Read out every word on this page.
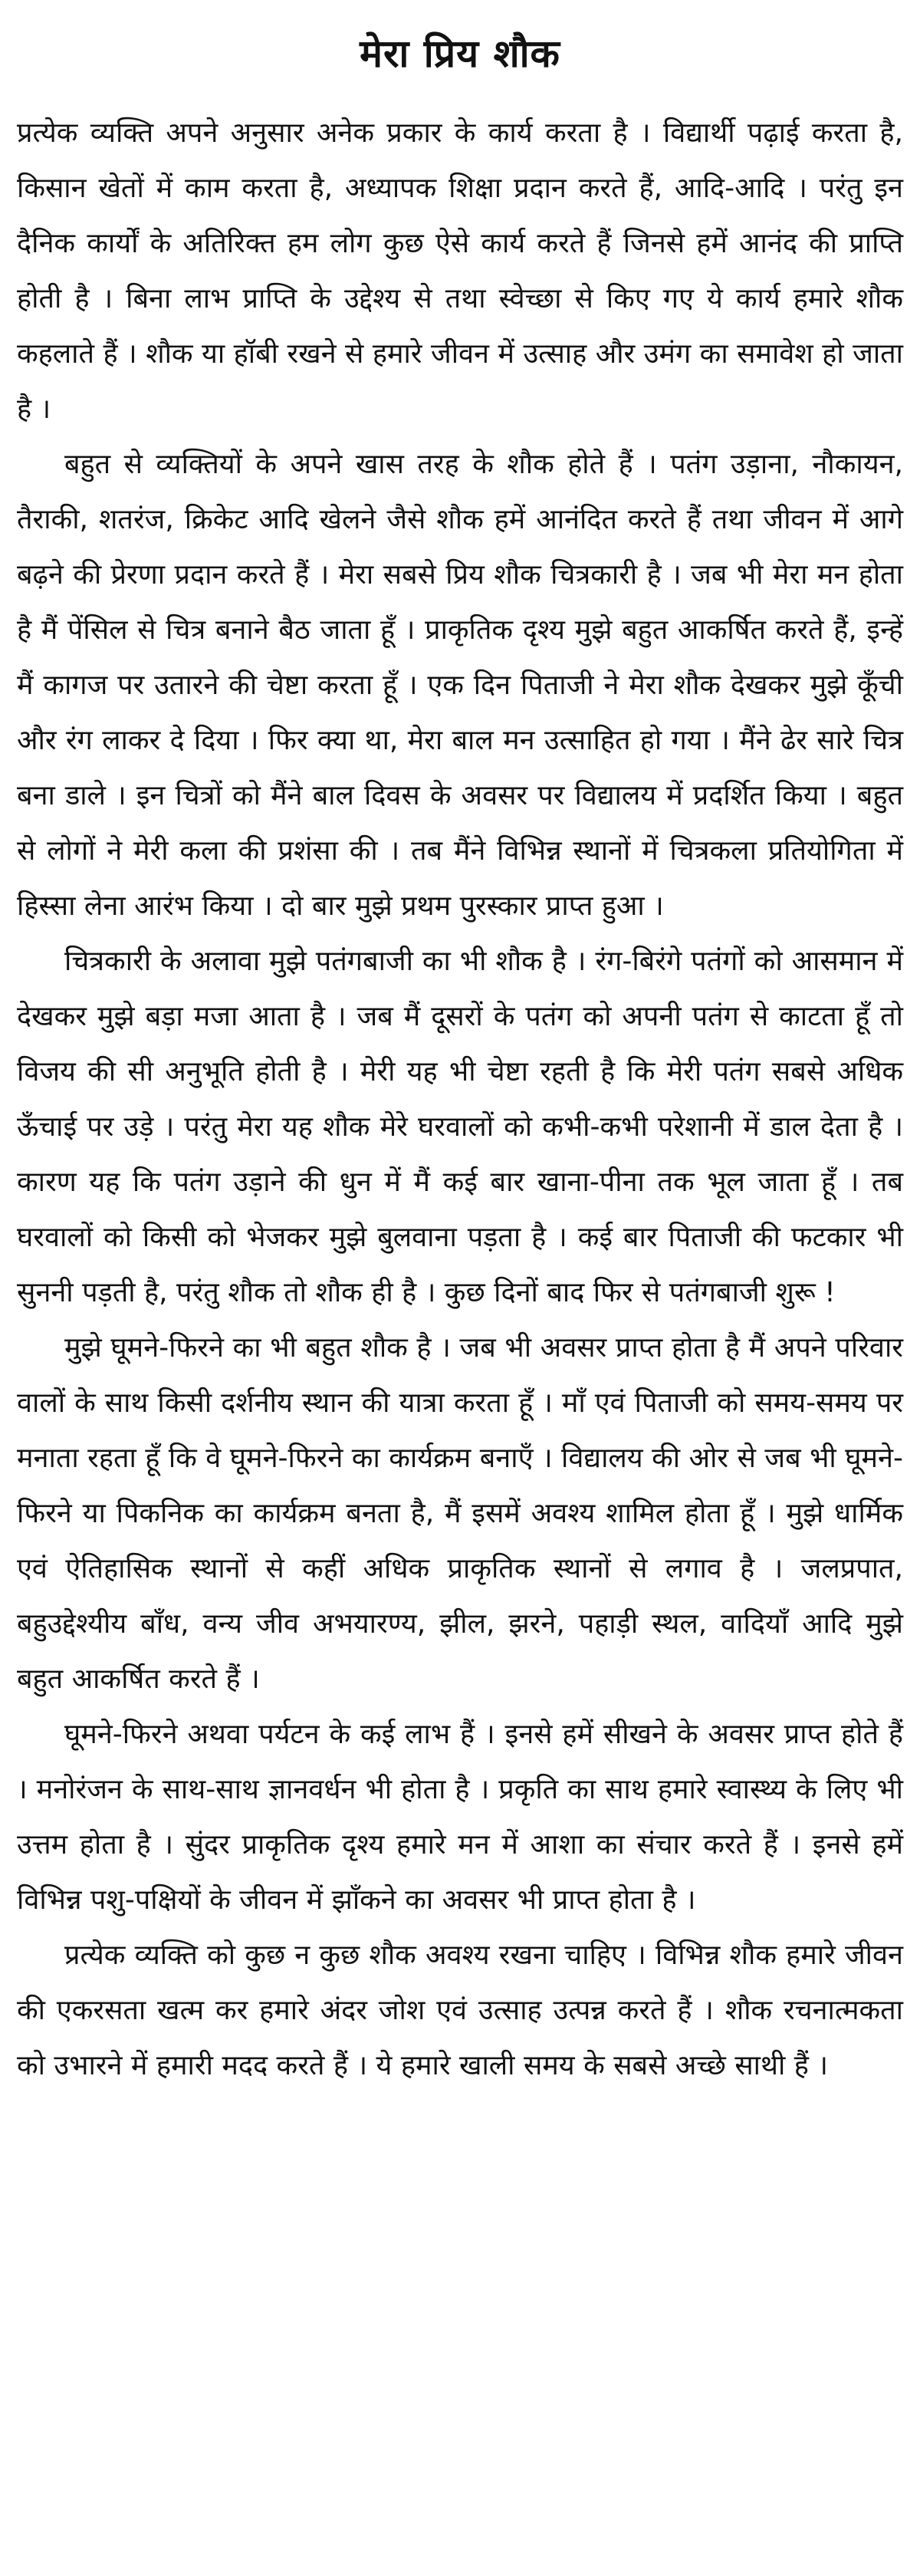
मेरा प्रिय शौक

प्रत्येक व्यक्ति अपने अनुसार अनेक प्रकार के कार्य करता है । विद्यार्थी पढ़ाई करता है, किसान खेतों में काम करता है, अध्यापक शिक्षा प्रदान करते हैं, आदि-आदि । परंतु इन दैनिक कार्यों के अतिरिक्त हम लोग कुछ ऐसे कार्य करते हैं जिनसे हमें आनंद की प्राप्ति होती है । बिना लाभ प्राप्ति के उद्देश्य से तथा स्वेच्छा से किए गए ये कार्य हमारे शौक कहलाते हैं । शौक या हॉबी रखने से हमारे जीवन में उत्साह और उमंग का समावेश हो जाता है ।

बहुत से व्यक्तियों के अपने खास तरह के शौक होते हैं । पतंग उड़ाना, नौकायन, तैराकी, शतरंज, क्रिकेट आदि खेलने जैसे शौक हमें आनंदित करते हैं तथा जीवन में आगे बढ़ने की प्रेरणा प्रदान करते हैं । मेरा सबसे प्रिय शौक चित्रकारी है । जब भी मेरा मन होता है मैं पेंसिल से चित्र बनाने बैठ जाता हूँ । प्राकृतिक दृश्य मुझे बहुत आकर्षित करते हैं, इन्हें मैं कागज पर उतारने की चेष्टा करता हूँ । एक दिन पिताजी ने मेरा शौक देखकर मुझे कूँची और रंग लाकर दे दिया । फिर क्या था, मेरा बाल मन उत्साहित हो गया । मैंने ढेर सारे चित्र बना डाले । इन चित्रों को मैंने बाल दिवस के अवसर पर विद्यालय में प्रदर्शित किया । बहुत से लोगों ने मेरी कला की प्रशंसा की । तब मैंने विभिन्न स्थानों में चित्रकला प्रतियोगिता में हिस्सा लेना आरंभ किया । दो बार मुझे प्रथम पुरस्कार प्राप्त हुआ ।

चित्रकारी के अलावा मुझे पतंगबाजी का भी शौक है । रंग-बिरंगे पतंगों को आसमान में देखकर मुझे बड़ा मजा आता है । जब मैं दूसरों के पतंग को अपनी पतंग से काटता हूँ तो विजय की सी अनुभूति होती है । मेरी यह भी चेष्टा रहती है कि मेरी पतंग सबसे अधिक ऊँचाई पर उड़े । परंतु मेरा यह शौक मेरे घरवालों को कभी-कभी परेशानी में डाल देता है । कारण यह कि पतंग उड़ाने की धुन में मैं कई बार खाना-पीना तक भूल जाता हूँ । तब घरवालों को किसी को भेजकर मुझे बुलवाना पड़ता है । कई बार पिताजी की फटकार भी सुननी पड़ती है, परंतु शौक तो शौक ही है । कुछ दिनों बाद फिर से पतंगबाजी शुरू !

मुझे घूमने-फिरने का भी बहुत शौक है । जब भी अवसर प्राप्त होता है मैं अपने परिवार वालों के साथ किसी दर्शनीय स्थान की यात्रा करता हूँ । माँ एवं पिताजी को समय-समय पर मनाता रहता हूँ कि वे घूमने-फिरने का कार्यक्रम बनाएँ । विद्यालय की ओर से जब भी घूमने-फिरने या पिकनिक का कार्यक्रम बनता है, मैं इसमें अवश्य शामिल होता हूँ । मुझे धार्मिक एवं ऐतिहासिक स्थानों से कहीं अधिक प्राकृतिक स्थानों से लगाव है । जलप्रपात, बहुउद्देश्यीय बाँध, वन्य जीव अभयारण्य, झील, झरने, पहाड़ी स्थल, वादियाँ आदि मुझे बहुत आकर्षित करते हैं ।

घूमने-फिरने अथवा पर्यटन के कई लाभ हैं । इनसे हमें सीखने के अवसर प्राप्त होते हैं । मनोरंजन के साथ-साथ ज्ञानवर्धन भी होता है । प्रकृति का साथ हमारे स्वास्थ्य के लिए भी उत्तम होता है । सुंदर प्राकृतिक दृश्य हमारे मन में आशा का संचार करते हैं । इनसे हमें विभिन्न पशु-पक्षियों के जीवन में झाँकने का अवसर भी प्राप्त होता है ।

प्रत्येक व्यक्ति को कुछ न कुछ शौक अवश्य रखना चाहिए । विभिन्न शौक हमारे जीवन की एकरसता खत्म कर हमारे अंदर जोश एवं उत्साह उत्पन्न करते हैं । शौक रचनात्मकता को उभारने में हमारी मदद करते हैं । ये हमारे खाली समय के सबसे अच्छे साथी हैं ।
